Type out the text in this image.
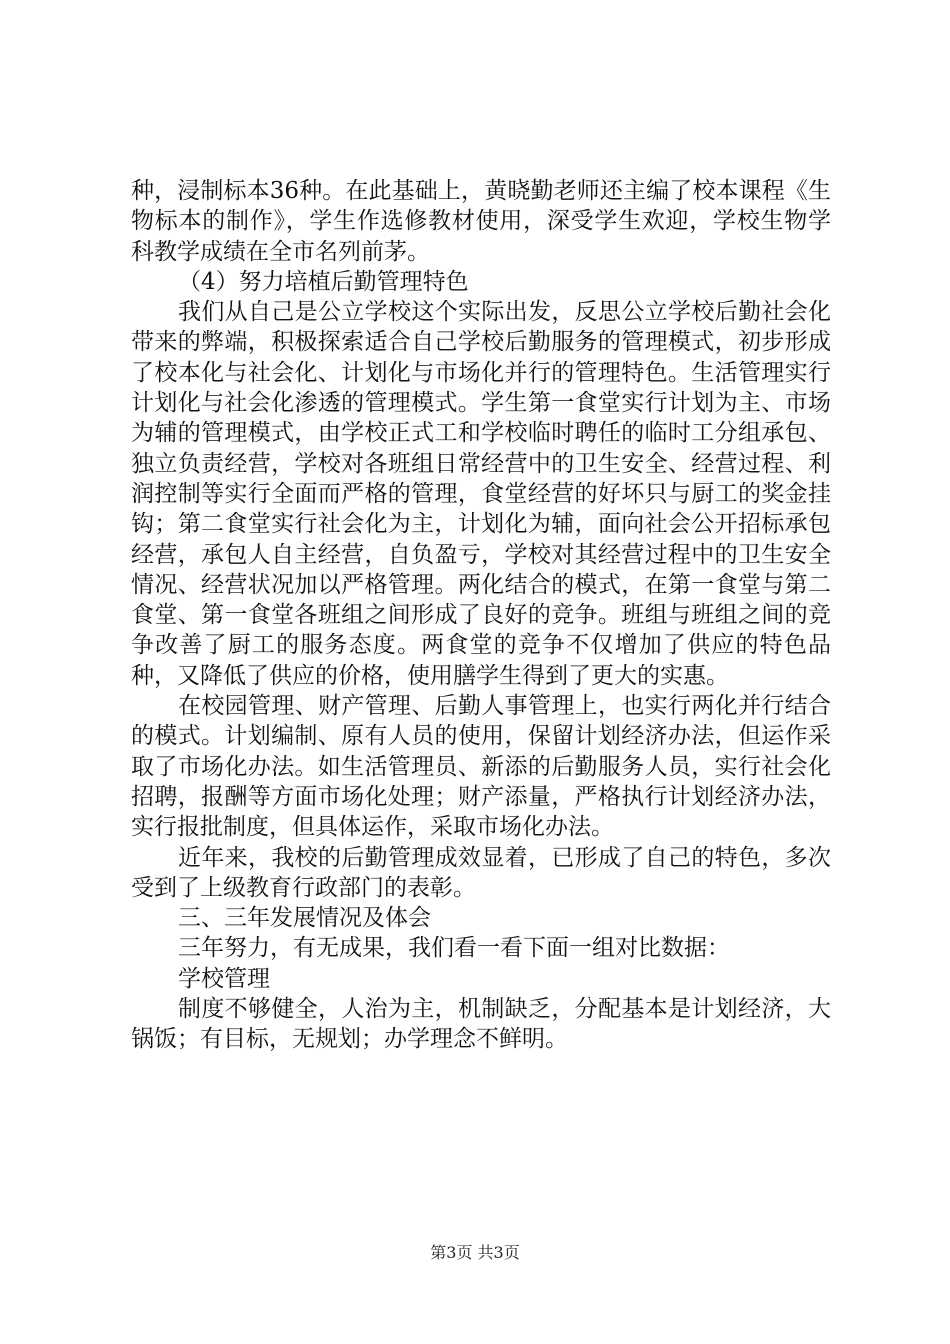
种，浸制标本36种。在此基础上，黄晓勤老师还主编了校本课程《生物标本的制作》，学生作选修教材使用，深受学生欢迎，学校生物学科教学成绩在全市名列前茅。

（4）努力培植后勤管理特色

我们从自己是公立学校这个实际出发，反思公立学校后勤社会化带来的弊端，积极探索适合自己学校后勤服务的管理模式，初步形成了校本化与社会化、计划化与市场化并行的管理特色。生活管理实行计划化与社会化渗透的管理模式。学生第一食堂实行计划为主、市场为辅的管理模式，由学校正式工和学校临时聘任的临时工分组承包、独立负责经营，学校对各班组日常经营中的卫生安全、经营过程、利润控制等实行全面而严格的管理，食堂经营的好坏只与厨工的奖金挂钩；第二食堂实行社会化为主，计划化为辅，面向社会公开招标承包经营，承包人自主经营，自负盈亏，学校对其经营过程中的卫生安全情况、经营状况加以严格管理。两化结合的模式，在第一食堂与第二食堂、第一食堂各班组之间形成了良好的竞争。班组与班组之间的竞争改善了厨工的服务态度。两食堂的竞争不仅增加了供应的特色品种，又降低了供应的价格，使用膳学生得到了更大的实惠。

在校园管理、财产管理、后勤人事管理上，也实行两化并行结合的模式。计划编制、原有人员的使用，保留计划经济办法，但运作采取了市场化办法。如生活管理员、新添的后勤服务人员，实行社会化招聘，报酬等方面市场化处理；财产添量，严格执行计划经济办法，实行报批制度，但具体运作，采取市场化办法。

近年来，我校的后勤管理成效显着，已形成了自己的特色，多次受到了上级教育行政部门的表彰。

三、三年发展情况及体会

三年努力，有无成果，我们看一看下面一组对比数据：

学校管理

制度不够健全，人治为主，机制缺乏，分配基本是计划经济，大锅饭；有目标，无规划；办学理念不鲜明。

第3页 共3页
